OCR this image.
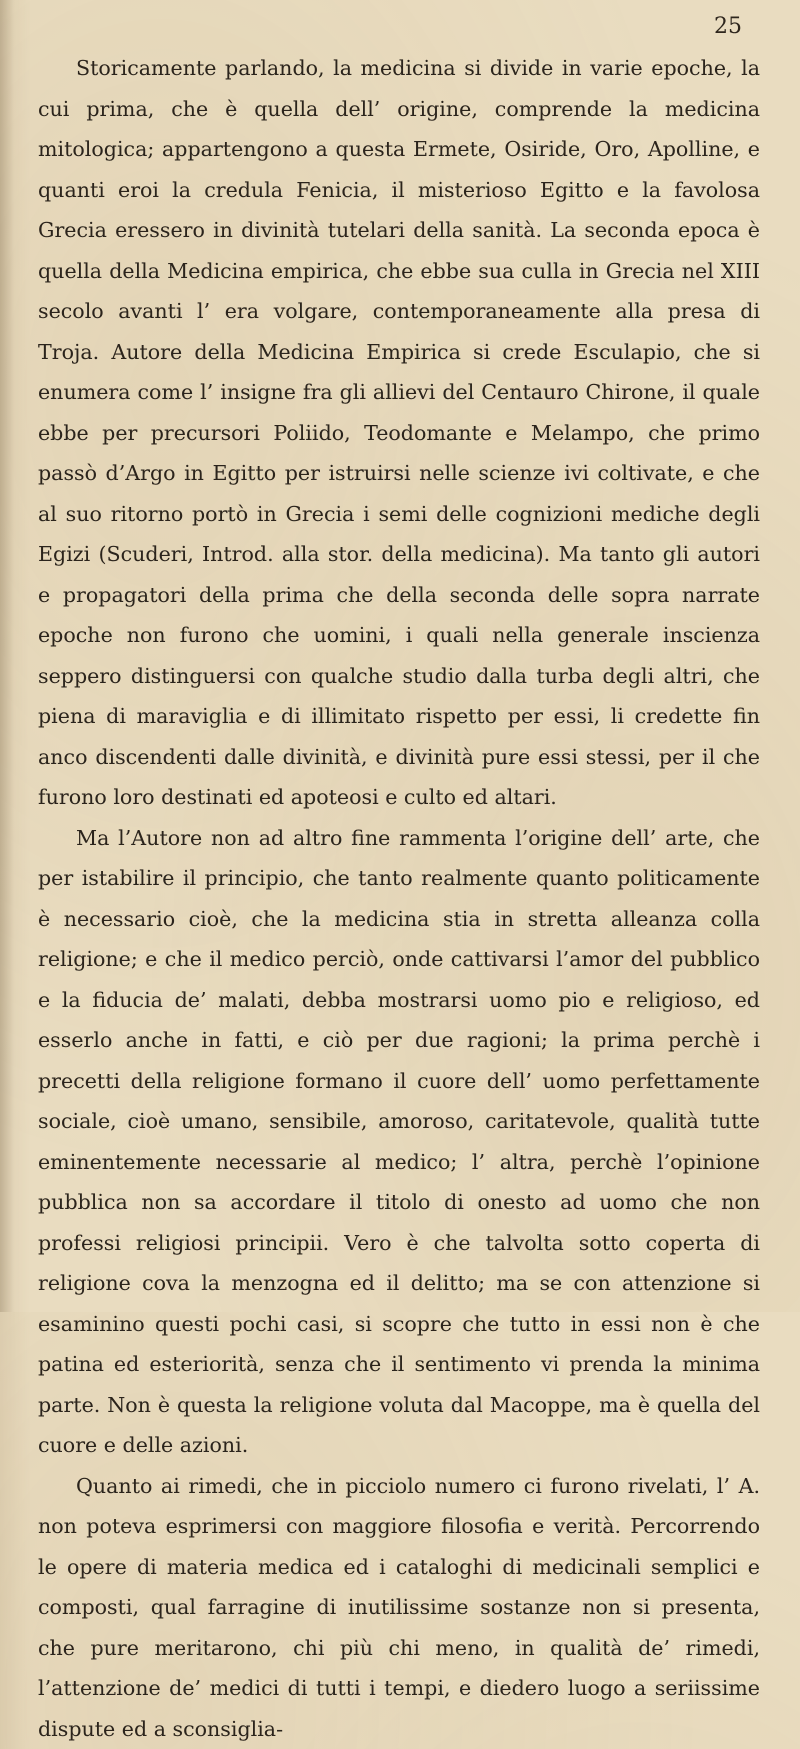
25

Storicamente parlando, la medicina si divide in varie epoche, la cui prima, che è quella dell’ origine, comprende la medicina mitologica; appartengono a questa Ermete, Osiride, Oro, Apolline, e quanti eroi la credula Fenicia, il misterioso Egitto e la favolosa Grecia eressero in divinità tutelari della sanità. La seconda epoca è quella della Medicina empirica, che ebbe sua culla in Grecia nel XIII secolo avanti l’ era volgare, contemporaneamente alla presa di Troja. Autore della Medicina Empirica si crede Esculapio, che si enumera come l’ insigne fra gli allievi del Centauro Chirone, il quale ebbe per precursori Poliido, Teodomante e Melampo, che primo passò d’Argo in Egitto per istruirsi nelle scienze ivi coltivate, e che al suo ritorno portò in Grecia i semi delle cognizioni mediche degli Egizi (Scuderi, Introd. alla stor. della medicina). Ma tanto gli autori e propagatori della prima che della seconda delle sopra narrate epoche non furono che uomini, i quali nella generale inscienza seppero distinguersi con qualche studio dalla turba degli altri, che piena di maraviglia e di illimitato rispetto per essi, li credette fin anco discendenti dalle divinità, e divinità pure essi stessi, per il che furono loro destinati ed apoteosi e culto ed altari.

Ma l’Autore non ad altro fine rammenta l’origine dell’ arte, che per istabilire il principio, che tanto realmente quanto politicamente è necessario cioè, che la medicina stia in stretta alleanza colla religione; e che il medico perciò, onde cattivarsi l’amor del pubblico e la fiducia de’ malati, debba mostrarsi uomo pio e religioso, ed esserlo anche in fatti, e ciò per due ragioni; la prima perchè i precetti della religione formano il cuore dell’ uomo perfettamente sociale, cioè umano, sensibile, amoroso, caritatevole, qualità tutte eminentemente necessarie al medico; l’ altra, perchè l’opinione pubblica non sa accordare il titolo di onesto ad uomo che non professi religiosi principii. Vero è che talvolta sotto coperta di religione cova la menzogna ed il delitto; ma se con attenzione si esaminino questi pochi casi, si scopre che tutto in essi non è che patina ed esteriorità, senza che il sentimento vi prenda la minima parte. Non è questa la religione voluta dal Macoppe, ma è quella del cuore e delle azioni.

Quanto ai rimedi, che in picciolo numero ci furono rivelati, l’ A. non poteva esprimersi con maggiore filosofia e verità. Percorrendo le opere di materia medica ed i cataloghi di medicinali semplici e composti, qual farragine di inutilissime sostanze non si presenta, che pure meritarono, chi più chi meno, in qualità de’ rimedi, l’attenzione de’ medici di tutti i tempi, e diedero luogo a seriissime dispute ed a sconsiglia-
